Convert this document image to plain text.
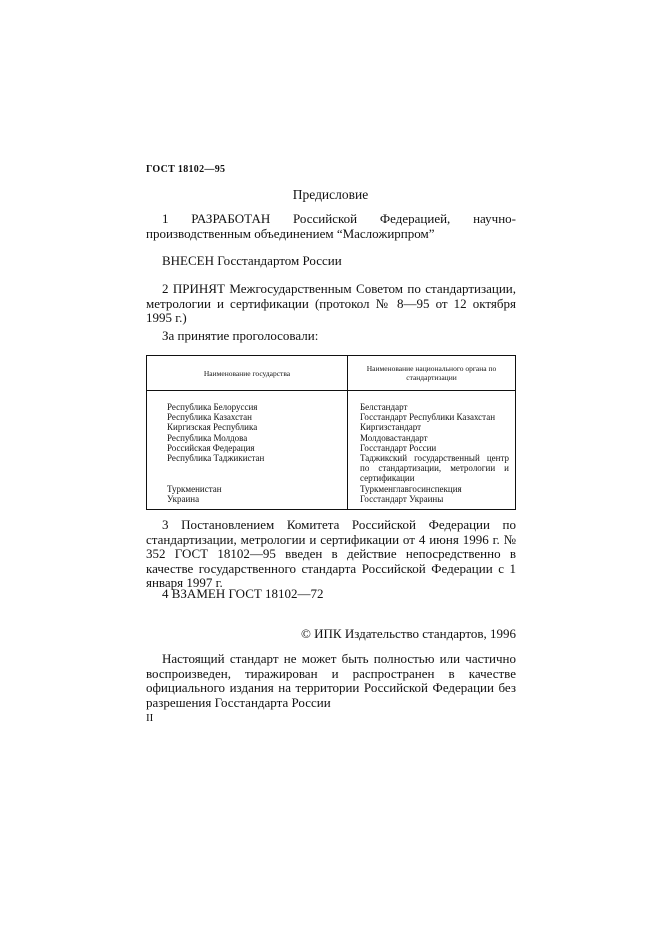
ГОСТ 18102—95
Предисловие
1 РАЗРАБОТАН Российской Федерацией, научно-производственным объединением “Масложирпром”
ВНЕСЕН Госстандартом России
2 ПРИНЯТ Межгосударственным Советом по стандартизации, метрологии и сертификации (протокол № 8—95 от 12 октября 1995 г.)
За принятие проголосовали:
Наименование государства	Наименование национального органа по стандартизации
Республика Белоруссия	Белстандарт
Республика Казахстан	Госстандарт Республики Казахстан
Киргизская Республика	Киргизстандарт
Республика Молдова	Молдовастандарт
Российская Федерация	Госстандарт России
Республика Таджикистан	Таджикский государственный центр по стандартизации, метрологии и сертификации
Туркменистан	Туркменглавгосинспекция
Украина	Госстандарт Украины
3 Постановлением Комитета Российской Федерации по стандартизации, метрологии и сертификации от 4 июня 1996 г. № 352 ГОСТ 18102—95 введен в действие непосредственно в качестве государственного стандарта Российской Федерации с 1 января 1997 г.
4 ВЗАМЕН ГОСТ 18102—72
© ИПК Издательство стандартов, 1996
Настоящий стандарт не может быть полностью или частично воспроизведен, тиражирован и распространен в качестве официального издания на территории Российской Федерации без разрешения Госстандарта России
II
